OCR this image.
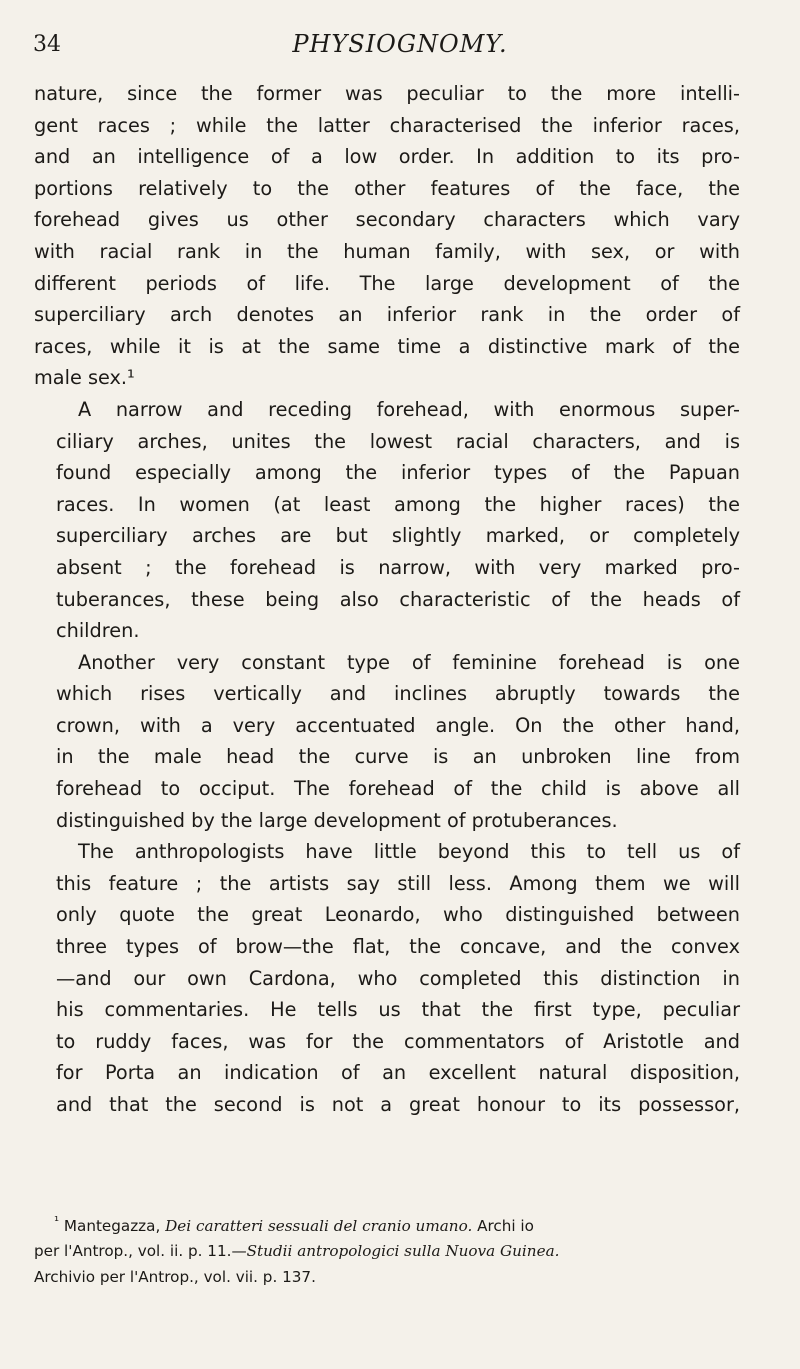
34	PHYSIOGNOMY.

nature, since the former was peculiar to the more intelli-
gent races ; while the latter characterised the inferior races,
and an intelligence of a low order. In addition to its pro-
portions relatively to the other features of the face, the
forehead gives us other secondary characters which vary
with racial rank in the human family, with sex, or with
different periods of life. The large development of the
superciliary arch denotes an inferior rank in the order of
races, while it is at the same time a distinctive mark of the
male sex.¹

A narrow and receding forehead, with enormous super-
ciliary arches, unites the lowest racial characters, and is
found especially among the inferior types of the Papuan
races. In women (at least among the higher races) the
superciliary arches are but slightly marked, or completely
absent ; the forehead is narrow, with very marked pro-
tuberances, these being also characteristic of the heads of
children.

Another very constant type of feminine forehead is one
which rises vertically and inclines abruptly towards the
crown, with a very accentuated angle. On the other hand,
in the male head the curve is an unbroken line from
forehead to occiput. The forehead of the child is above all
distinguished by the large development of protuberances.

The anthropologists have little beyond this to tell us of
this feature ; the artists say still less. Among them we will
only quote the great Leonardo, who distinguished between
three types of brow—the flat, the concave, and the convex
—and our own Cardona, who completed this distinction in
his commentaries. He tells us that the first type, peculiar
to ruddy faces, was for the commentators of Aristotle and
for Porta an indication of an excellent natural disposition,
and that the second is not a great honour to its possessor,

$^{^1}$ Mantegazza, Dei caratteri sessuali del cranio umano. Archi io
per l'Antrop., vol. ii. p. 11.—Studii antropologici sulla Nuova Guinea.
Archivio per l'Antrop., vol. vii. p. 137.
